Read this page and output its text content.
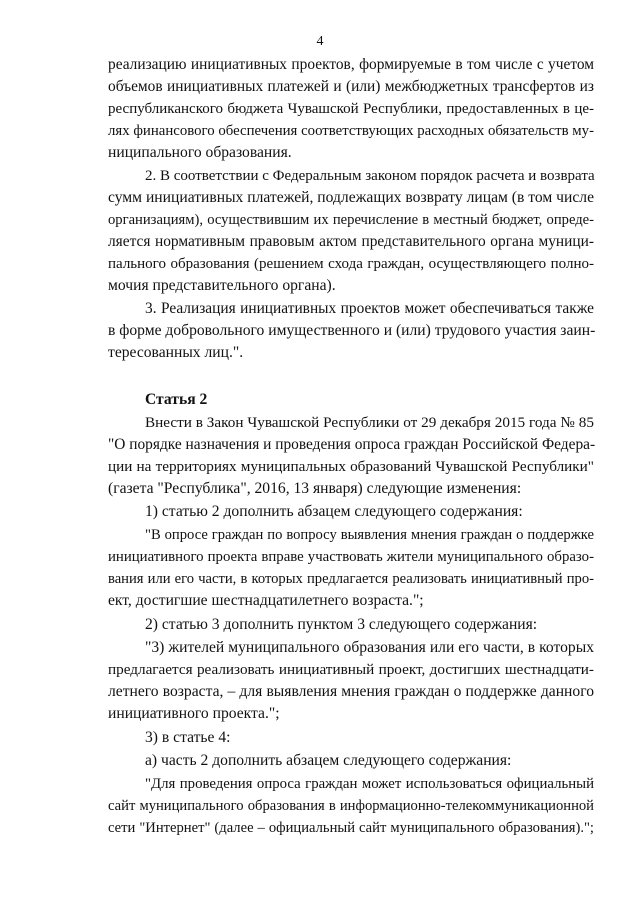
4
реализацию инициативных проектов, формируемые в том числе с учетом
объемов инициативных платежей и (или) межбюджетных трансфертов из
республиканского бюджета Чувашской Республики, предоставленных в це-
лях финансового обеспечения соответствующих расходных обязательств му-
ниципального образования.
2. В соответствии с Федеральным законом порядок расчета и возврата
сумм инициативных платежей, подлежащих возврату лицам (в том числе
организациям), осуществившим их перечисление в местный бюджет, опреде-
ляется нормативным правовым актом представительного органа муници-
пального образования (решением схода граждан, осуществляющего полно-
мочия представительного органа).
3. Реализация инициативных проектов может обеспечиваться также
в форме добровольного имущественного и (или) трудового участия заин-
тересованных лиц.".
Статья 2
Внести в Закон Чувашской Республики от 29 декабря 2015 года № 85
"О порядке назначения и проведения опроса граждан Российской Федера-
ции на территориях муниципальных образований Чувашской Республики"
(газета "Республика", 2016, 13 января) следующие изменения:
1) статью 2 дополнить абзацем следующего содержания:
"В опросе граждан по вопросу выявления мнения граждан о поддержке
инициативного проекта вправе участвовать жители муниципального образо-
вания или его части, в которых предлагается реализовать инициативный про-
ект, достигшие шестнадцатилетнего возраста.";
2) статью 3 дополнить пунктом 3 следующего содержания:
"3) жителей муниципального образования или его части, в которых
предлагается реализовать инициативный проект, достигших шестнадцати-
летнего возраста, – для выявления мнения граждан о поддержке данного
инициативного проекта.";
3) в статье 4:
а) часть 2 дополнить абзацем следующего содержания:
"Для проведения опроса граждан может использоваться официальный
сайт муниципального образования в информационно-телекоммуникационной
сети "Интернет" (далее – официальный сайт муниципального образования).";
